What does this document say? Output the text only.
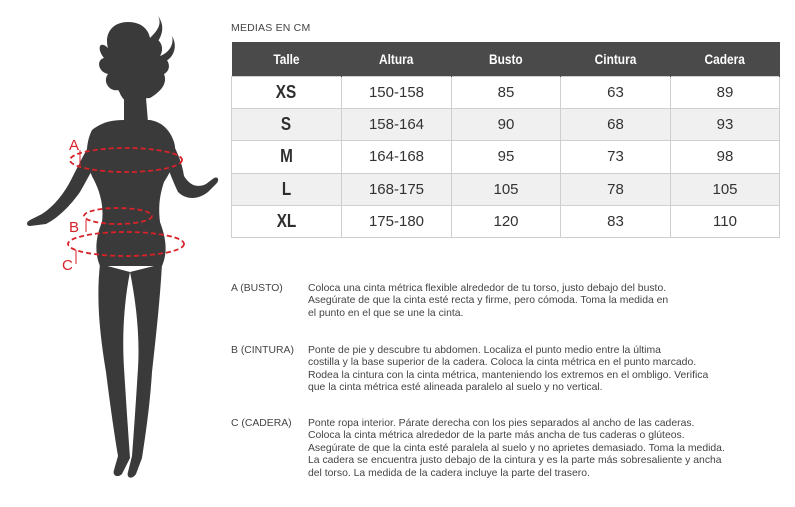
A
B
C
MEDIAS EN CM
Talle	Altura	Busto	Cintura	Cadera
XS	150-158	85	63	89
S	158-164	90	68	93
M	164-168	95	73	98
L	168-175	105	78	105
XL	175-180	120	83	110
A (BUSTO)	Coloca una cinta métrica flexible alrededor de tu torso, justo debajo del busto.
Asegúrate de que la cinta esté recta y firme, pero cómoda. Toma la medida en
el punto en el que se une la cinta.
B (CINTURA)	Ponte de pie y descubre tu abdomen. Localiza el punto medio entre la última
costilla y la base superior de la cadera. Coloca la cinta métrica en el punto marcado.
Rodea la cintura con la cinta métrica, manteniendo los extremos en el ombligo. Verifica
que la cinta métrica esté alineada paralelo al suelo y no vertical.
C (CADERA)	Ponte ropa interior. Párate derecha con los pies separados al ancho de las caderas.
Coloca la cinta métrica alrededor de la parte más ancha de tus caderas o glúteos.
Asegúrate de que la cinta esté paralela al suelo y no aprietes demasiado. Toma la medida.
La cadera se encuentra justo debajo de la cintura y es la parte más sobresaliente y ancha
del torso. La medida de la cadera incluye la parte del trasero.
